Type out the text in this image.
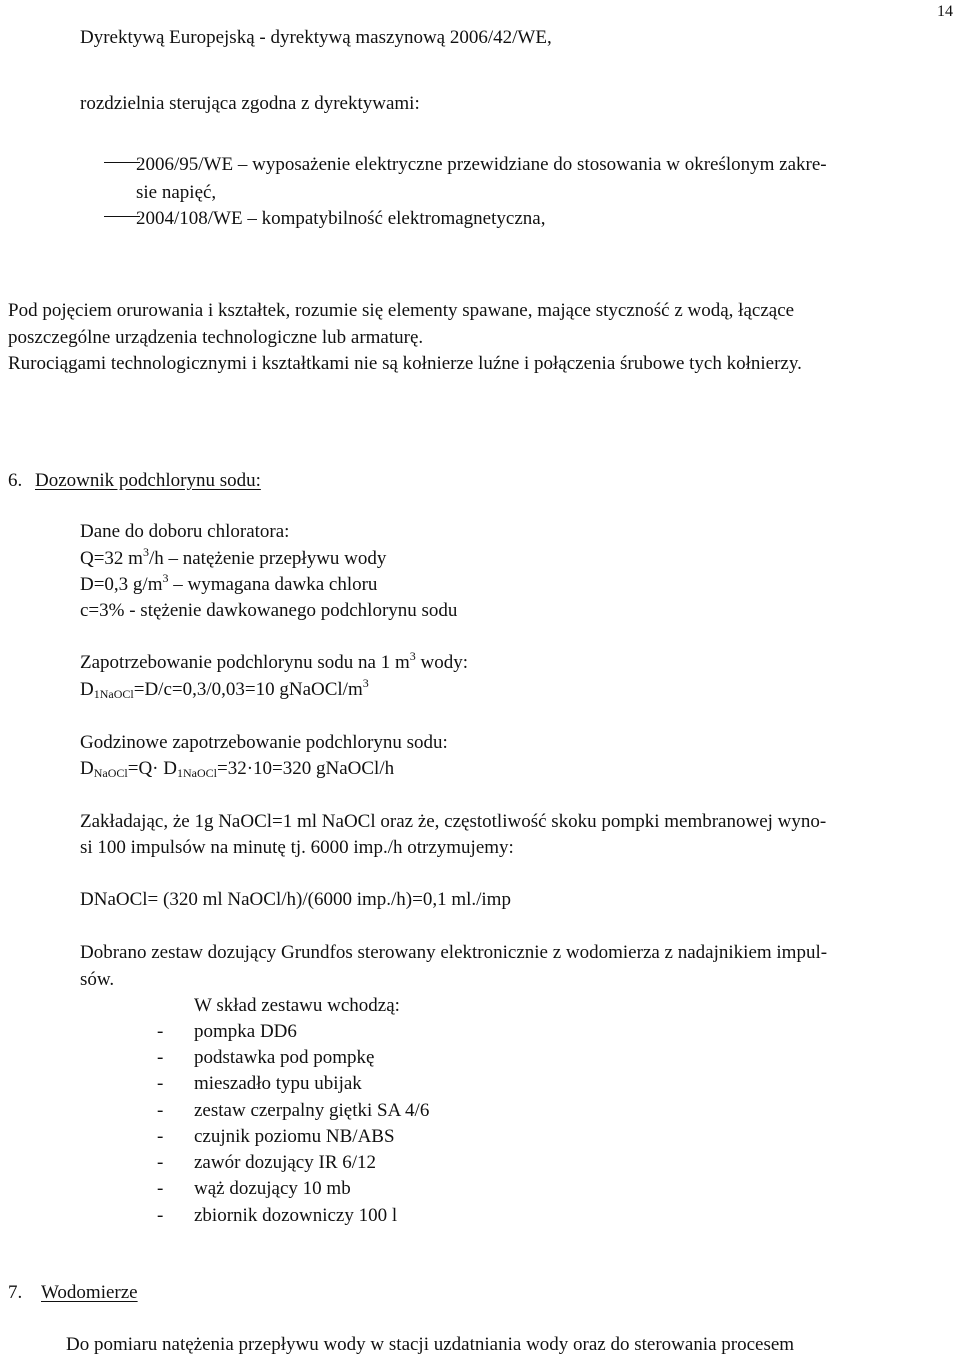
14
Dyrektywą Europejską - dyrektywą maszynową 2006/42/WE,
rozdzielnia sterująca zgodna z dyrektywami:
2006/95/WE – wyposażenie elektryczne przewidziane do stosowania w określonym zakre-
sie napięć,
2004/108/WE – kompatybilność elektromagnetyczna,
Pod pojęciem orurowania i kształtek, rozumie się elementy spawane, mające styczność z wodą, łączące
poszczególne urządzenia technologiczne lub armaturę.
Rurociągami technologicznymi i kształtkami nie są kołnierze luźne i połączenia śrubowe tych kołnierzy.
6. Dozownik podchlorynu sodu:
Dane do doboru chloratora:
Q=32 $m^3/h$ – natężenie przepływu wody
D=0,3 $g/m^3$ – wymagana dawka chloru
c=3% - stężenie dawkowanego podchlorynu sodu
Zapotrzebowanie podchlorynu sodu na 1 $m^3$ wody:
$D_{1NaOCl}=D/c=0,3/0,03=10$ gNaOCl/$m^3$
Godzinowe zapotrzebowanie podchlorynu sodu:
$D_{NaOCl}=Q\cdot D_{1NaOCl}=32\cdot 10=320$ gNaOCl/h
Zakładając, że 1g NaOCl=1 ml NaOCl oraz że, częstotliwość skoku pompki membranowej wyno-
si 100 impulsów na minutę tj. 6000 imp./h otrzymujemy:
DNaOCl= (320 ml NaOCl/h)/(6000 imp./h)=0,1 ml./imp
Dobrano zestaw dozujący Grundfos sterowany elektronicznie z wodomierza z nadajnikiem impul-
sów.
W skład zestawu wchodzą:
- pompka DD6
- podstawka pod pompkę
- mieszadło typu ubijak
- zestaw czerpalny giętki SA 4/6
- czujnik poziomu NB/ABS
- zawór dozujący IR 6/12
- wąż dozujący 10 mb
- zbiornik dozowniczy 100 l
7. Wodomierze
Do pomiaru natężenia przepływu wody w stacji uzdatniania wody oraz do sterowania procesem
